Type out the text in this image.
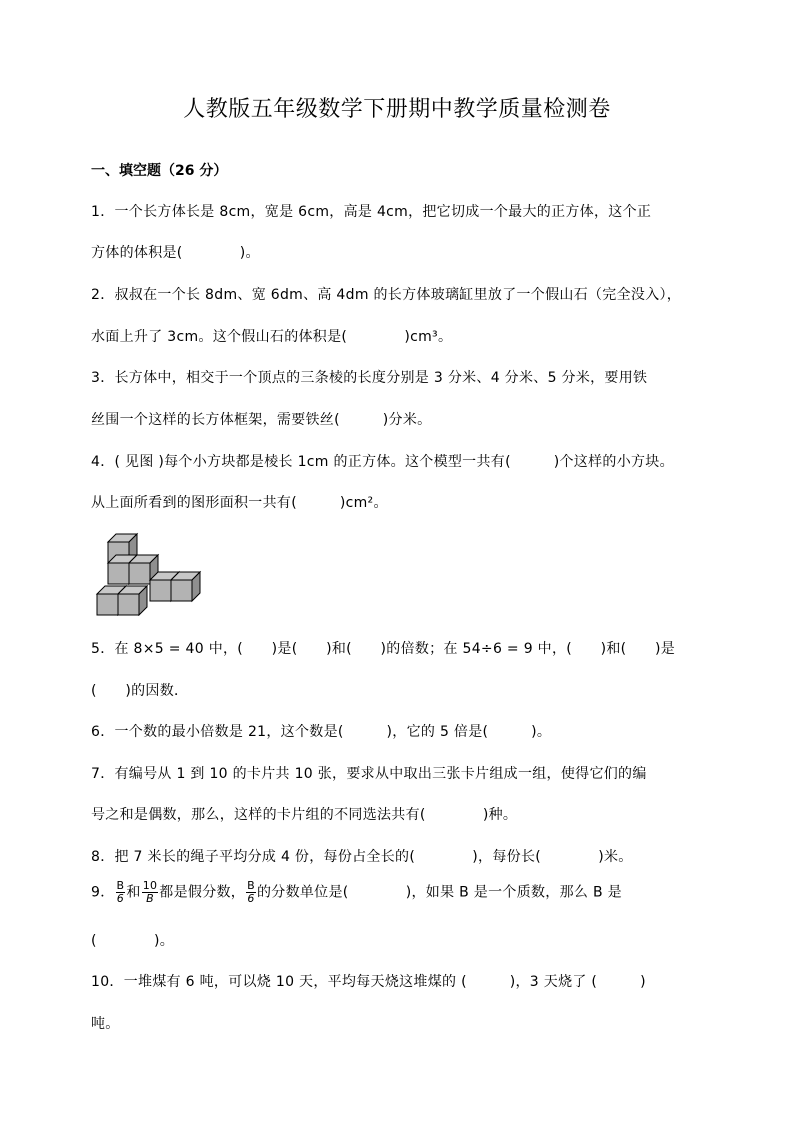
人教版五年级数学下册期中教学质量检测卷
一、填空题（26 分）
1．一个长方体长是 8cm，宽是 6cm，高是 4cm，把它切成一个最大的正方体，这个正
方体的体积是(　　　　)。
2．叔叔在一个长 8dm、宽 6dm、高 4dm 的长方体玻璃缸里放了一个假山石（完全没入），
水面上升了 3cm。这个假山石的体积是(　　　　)cm³。
3．长方体中，相交于一个顶点的三条棱的长度分别是 3 分米、4 分米、5 分米，要用铁
丝围一个这样的长方体框架，需要铁丝(　　　)分米。
4．( 见图 )每个小方块都是棱长 1cm 的正方体。这个模型一共有(　　　)个这样的小方块。
从上面所看到的图形面积一共有(　　　)cm²。
5．在 8×5 = 40 中，(　　)是(　　)和(　　)的倍数；在 54÷6 = 9 中，(　　)和(　　)是
(　　)的因数．
6．一个数的最小倍数是 21，这个数是(　　　)，它的 5 倍是(　　　)。
7．有编号从 1 到 10 的卡片共 10 张，要求从中取出三张卡片组成一组，使得它们的编
号之和是偶数，那么，这样的卡片组的不同选法共有(　　　　)种。
8．把 7 米长的绳子平均分成 4 份，每份占全长的(　　　　)，每份长(　　　　)米。
9． $\frac{B}{6}$ 和 $\frac{10}{B}$ 都是假分数， $\frac{B}{6}$ 的分数单位是(　　　　)，如果 B 是一个质数，那么 B 是
(　　　　)。
10．一堆煤有 6 吨，可以烧 10 天，平均每天烧这堆煤的 (　　　)，3 天烧了 (　　　)
吨。
